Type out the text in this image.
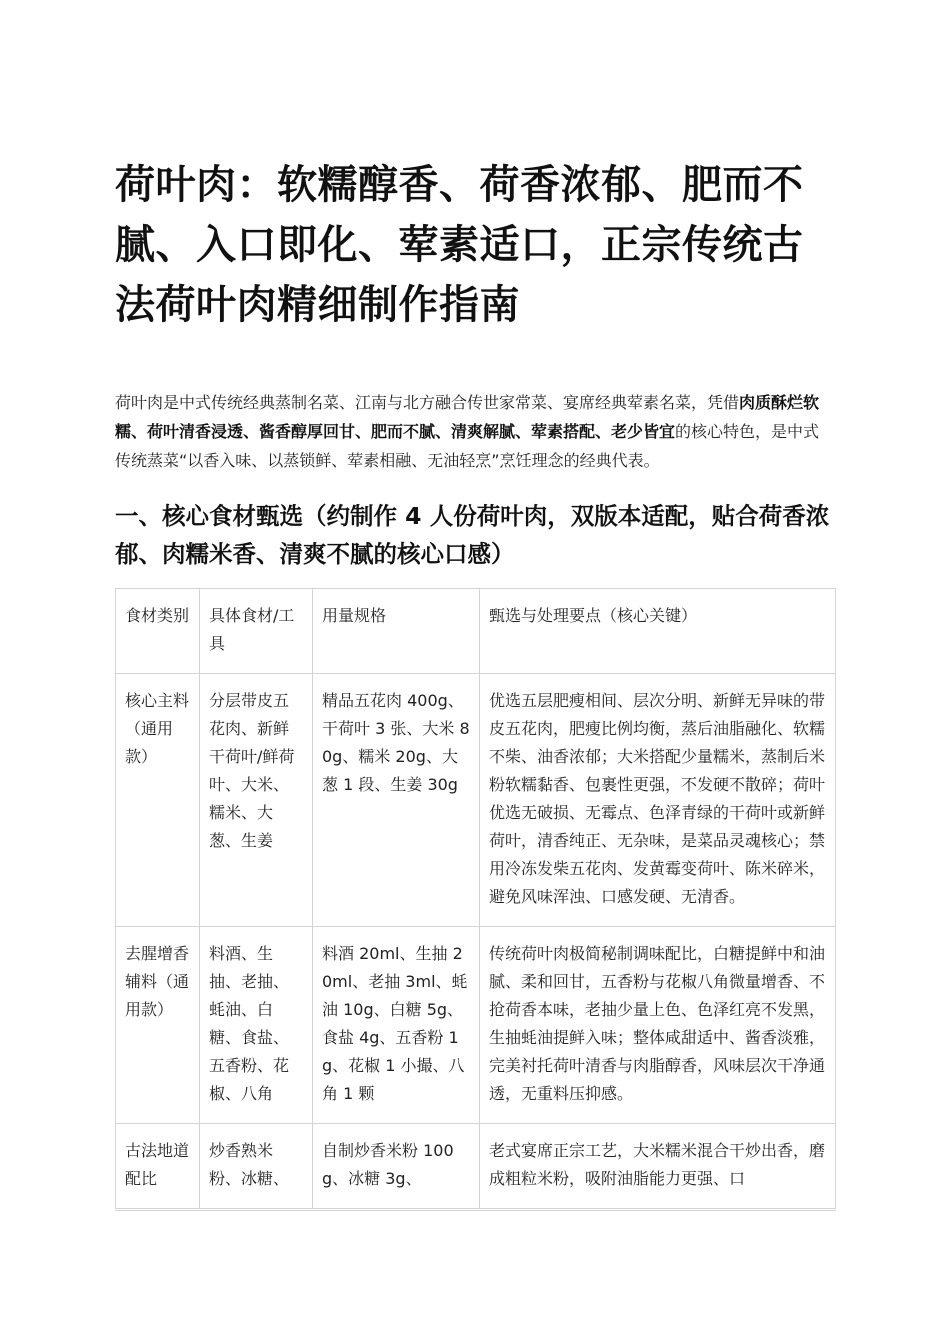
荷叶肉：软糯醇香、荷香浓郁、肥而不腻、入口即化、荤素适口，正宗传统古法荷叶肉精细制作指南

荷叶肉是中式传统经典蒸制名菜、江南与北方融合传世家常菜、宴席经典荤素名菜，凭借肉质酥烂软糯、荷叶清香浸透、酱香醇厚回甘、肥而不腻、清爽解腻、荤素搭配、老少皆宜的核心特色，是中式传统蒸菜“以香入味、以蒸锁鲜、荤素相融、无油轻烹”烹饪理念的经典代表。

一、核心食材甄选（约制作 4 人份荷叶肉，双版本适配，贴合荷香浓郁、肉糯米香、清爽不腻的核心口感）
食材类别	具体食材/工具	用量规格	甄选与处理要点（核心关键）
核心主料（通用款）	分层带皮五花肉、新鲜干荷叶/鲜荷叶、大米、糯米、大葱、生姜	精品五花肉 400g、干荷叶 3 张、大米 80g、糯米 20g、大葱 1 段、生姜 30g	优选五层肥瘦相间、层次分明、新鲜无异味的带皮五花肉，肥瘦比例均衡，蒸后油脂融化、软糯不柴、油香浓郁；大米搭配少量糯米，蒸制后米粉软糯黏香、包裹性更强，不发硬不散碎；荷叶优选无破损、无霉点、色泽青绿的干荷叶或新鲜荷叶，清香纯正、无杂味，是菜品灵魂核心；禁用冷冻发柴五花肉、发黄霉变荷叶、陈米碎米，避免风味浑浊、口感发硬、无清香。
去腥增香辅料（通用款）	料酒、生抽、老抽、蚝油、白糖、食盐、五香粉、花椒、八角	料酒 20ml、生抽 20ml、老抽 3ml、蚝油 10g、白糖 5g、食盐 4g、五香粉 1g、花椒 1 小撮、八角 1 颗	传统荷叶肉极简秘制调味配比，白糖提鲜中和油腻、柔和回甘，五香粉与花椒八角微量增香、不抢荷香本味，老抽少量上色、色泽红亮不发黑，生抽蚝油提鲜入味；整体咸甜适中、酱香淡雅，完美衬托荷叶清香与肉脂醇香，风味层次干净通透，无重料压抑感。
古法地道配比	炒香熟米粉、冰糖、	自制炒香米粉 100g、冰糖 3g、	老式宴席正宗工艺，大米糯米混合干炒出香，磨成粗粒米粉，吸附油脂能力更强、口
